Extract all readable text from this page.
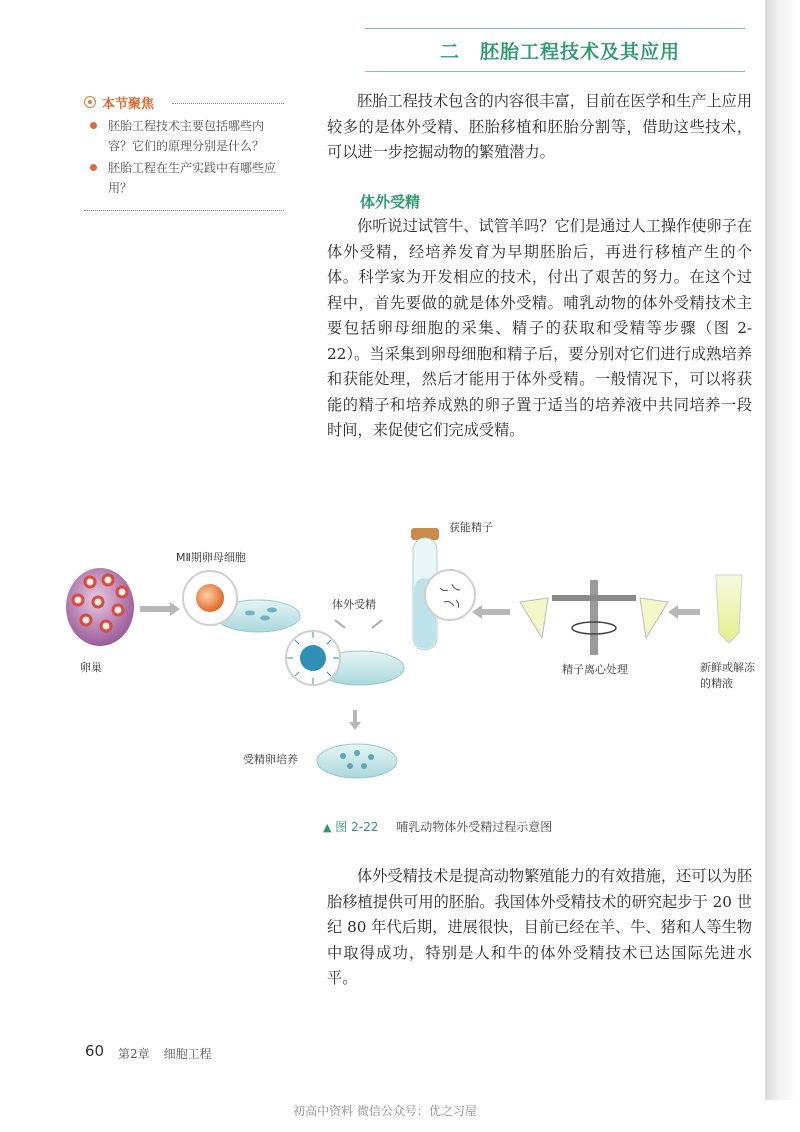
二　胚胎工程技术及其应用
本节聚焦
胚胎工程技术主要包括哪些内容？它们的原理分别是什么？
胚胎工程在生产实践中有哪些应用？
胚胎工程技术包含的内容很丰富，目前在医学和生产上应用较多的是体外受精、胚胎移植和胚胎分割等，借助这些技术，可以进一步挖掘动物的繁殖潜力。
体外受精
你听说过试管牛、试管羊吗？它们是通过人工操作使卵子在体外受精，经培养发育为早期胚胎后，再进行移植产生的个体。科学家为开发相应的技术，付出了艰苦的努力。在这个过程中，首先要做的就是体外受精。哺乳动物的体外受精技术主要包括卵母细胞的采集、精子的获取和受精等步骤（图 2-22）。当采集到卵母细胞和精子后，要分别对它们进行成熟培养和获能处理，然后才能用于体外受精。一般情况下，可以将获能的精子和培养成熟的卵子置于适当的培养液中共同培养一段时间，来促使它们完成受精。
卵巢
MⅡ期卵母细胞
体外受精
获能精子
精子离心处理	新鲜或解冻的精液
受精卵培养
▲ 图 2-22 哺乳动物体外受精过程示意图
体外受精技术是提高动物繁殖能力的有效措施，还可以为胚胎移植提供可用的胚胎。我国体外受精技术的研究起步于 20 世纪 80 年代后期，进展很快，目前已经在羊、牛、猪和人等生物中取得成功，特别是人和牛的体外受精技术已达国际先进水平。
60 第2章 细胞工程
初高中资料 微信公众号：优之习屋
